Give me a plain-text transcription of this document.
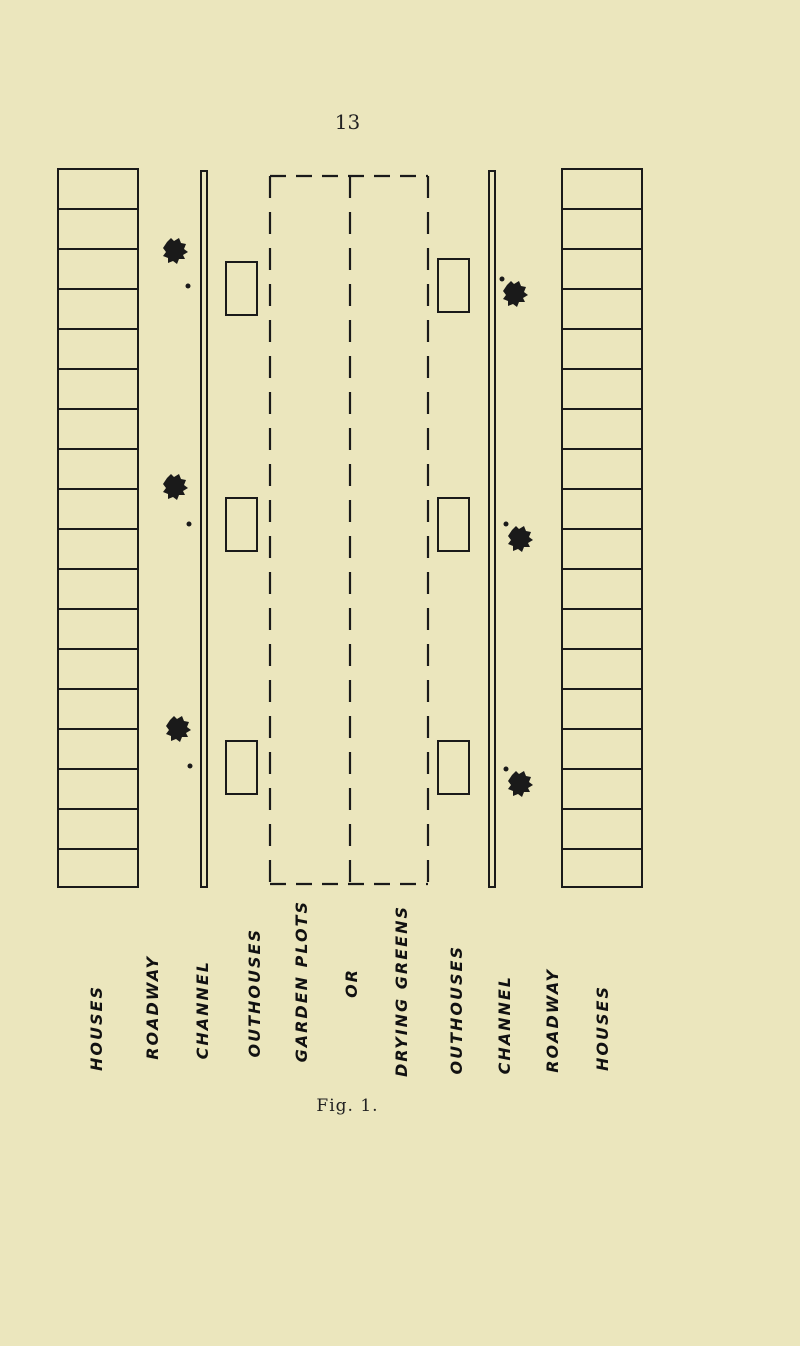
13
HOUSES ROADWAY CHANNEL OUTHOUSES GARDEN PLOTS OR DRYING GREENS OUTHOUSES CHANNEL ROADWAY HOUSES
Fig. 1.
